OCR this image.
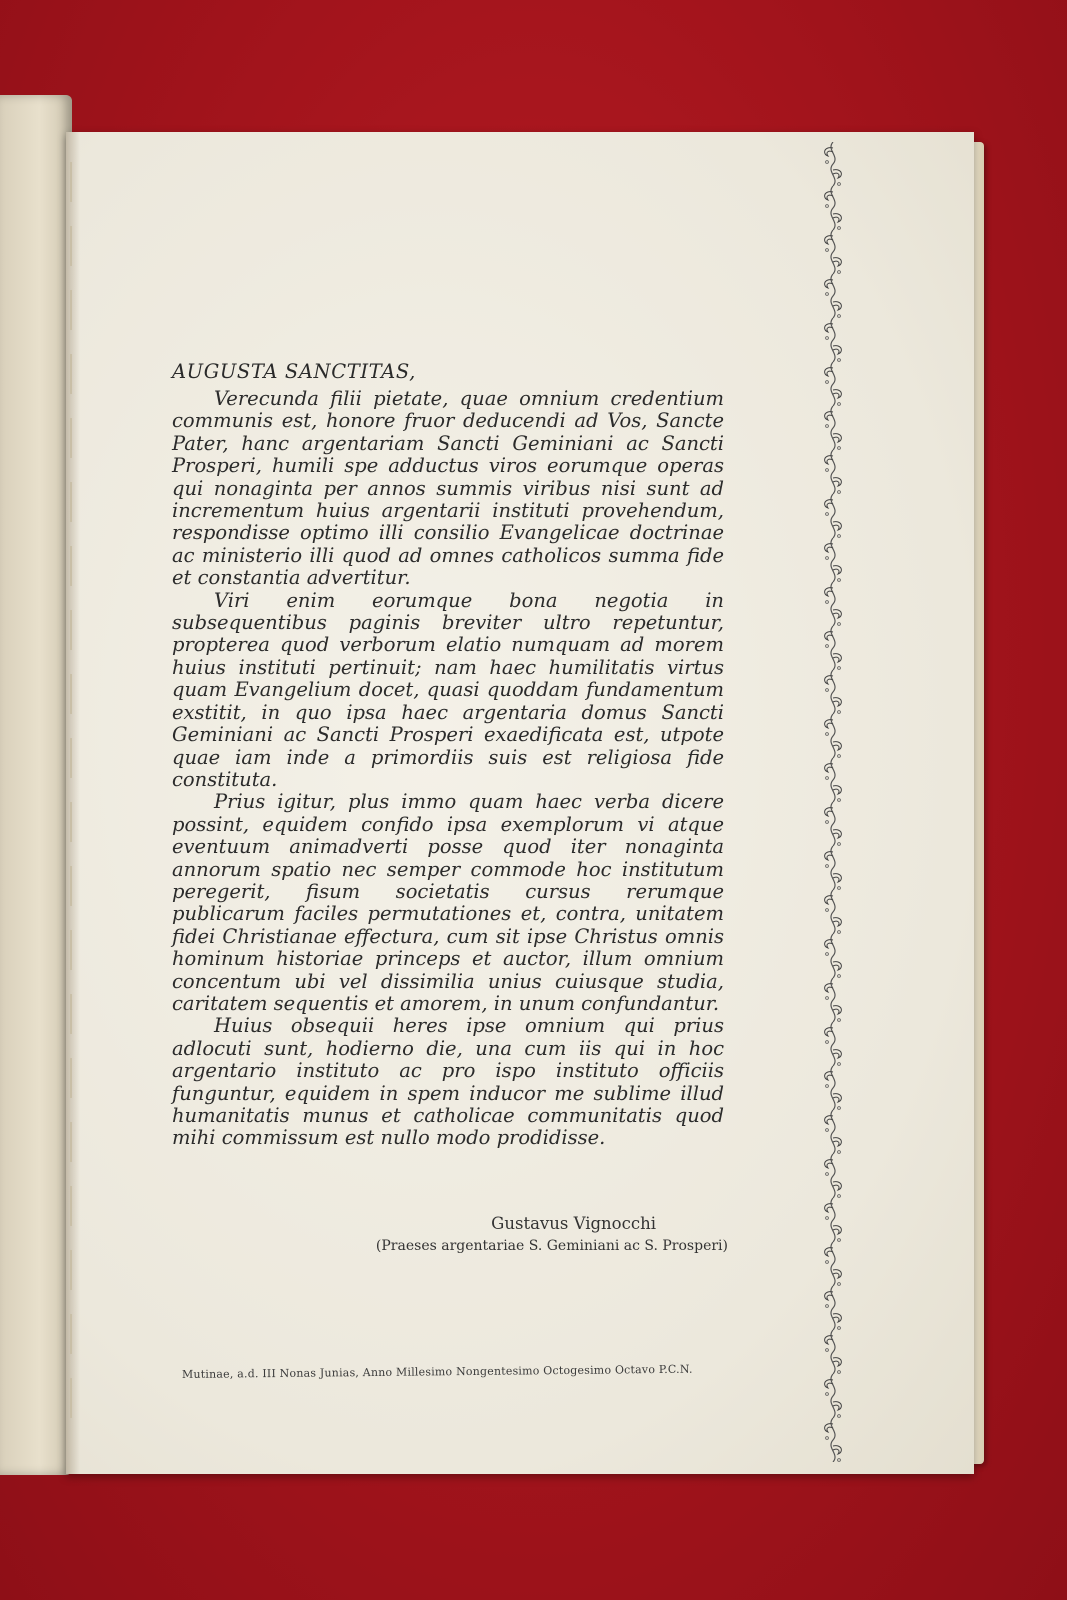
AUGUSTA SANCTITAS,

Verecunda filii pietate, quae omnium credentium communis est, honore fruor deducendi ad Vos, Sancte Pater, hanc argentariam Sancti Geminiani ac Sancti Prosperi, humili spe adductus viros eorumque operas qui nonaginta per annos summis viribus nisi sunt ad incrementum huius argentarii instituti provehendum, respondisse optimo illi consilio Evangelicae doctrinae ac ministerio illi quod ad omnes catholicos summa fide et constantia advertitur.

Viri enim eorumque bona negotia in subsequentibus paginis breviter ultro repetuntur, propterea quod verborum elatio numquam ad morem huius instituti pertinuit; nam haec humilitatis virtus quam Evangelium docet, quasi quoddam fundamentum exstitit, in quo ipsa haec argentaria domus Sancti Geminiani ac Sancti Prosperi exaedificata est, utpote quae iam inde a primordiis suis est religiosa fide constituta.

Prius igitur, plus immo quam haec verba dicere possint, equidem confido ipsa exemplorum vi atque eventuum animadverti posse quod iter nonaginta annorum spatio nec semper commode hoc institutum peregerit, fisum societatis cursus rerumque publicarum faciles permutationes et, contra, unitatem fidei Christianae effectura, cum sit ipse Christus omnis hominum historiae princeps et auctor, illum omnium concentum ubi vel dissimilia unius cuiusque studia, caritatem sequentis et amorem, in unum confundantur.

Huius obsequii heres ipse omnium qui prius adlocuti sunt, hodierno die, una cum iis qui in hoc argentario instituto ac pro ispo instituto officiis funguntur, equidem in spem inducor me sublime illud humanitatis munus et catholicae communitatis quod mihi commissum est nullo modo prodidisse.

Gustavus Vignocchi
(Praeses argentariae S. Geminiani ac S. Prosperi)
Mutinae, a.d. III Nonas Junias, Anno Millesimo Nongentesimo Octogesimo Octavo P.C.N.
